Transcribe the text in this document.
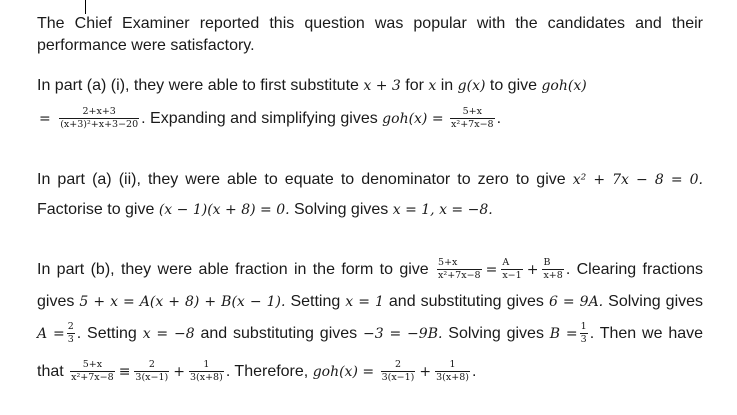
The Chief Examiner reported this question was popular with the candidates and their
performance were satisfactory.
In part (a) (i), they were able to first substitute x + 3 for x in g(x) to give goh(x)
= $\frac{2+x+3}{\text{(x+3)²+x+3−20}}$ . Expanding and simplifying gives $goh(x) = \frac{5+x}{\text{x²+7x−8}}$ .
In part (a) (ii), they were able to equate to denominator to zero to give x² + 7x − 8 = 0.
Factorise to give (x − 1)(x + 8) = 0. Solving gives x = 1, x = −8.
In part (b), they were able fraction in the form to give $\frac{5+x}{\text{x²+7x−8}} = \frac{A}{x-1} + \frac{B}{x+8}$ . Clearing fractions
gives 5 + x = A(x + 8) + B(x − 1). Setting x = 1 and substituting gives 6 = 9A. Solving gives
$A = \frac{2}{3}$ . Setting x = −8 and substituting gives −3 = −9B. Solving gives $B = \frac{1}{3}$ . Then we have
that $\frac{5+x}{\text{x²+7x−8}} \equiv \frac{2}{3(x-1)} + \frac{1}{3(x+8)}$ . Therefore, $goh(x) = \frac{2}{3(x-1)} + \frac{1}{3(x+8)}$ .
